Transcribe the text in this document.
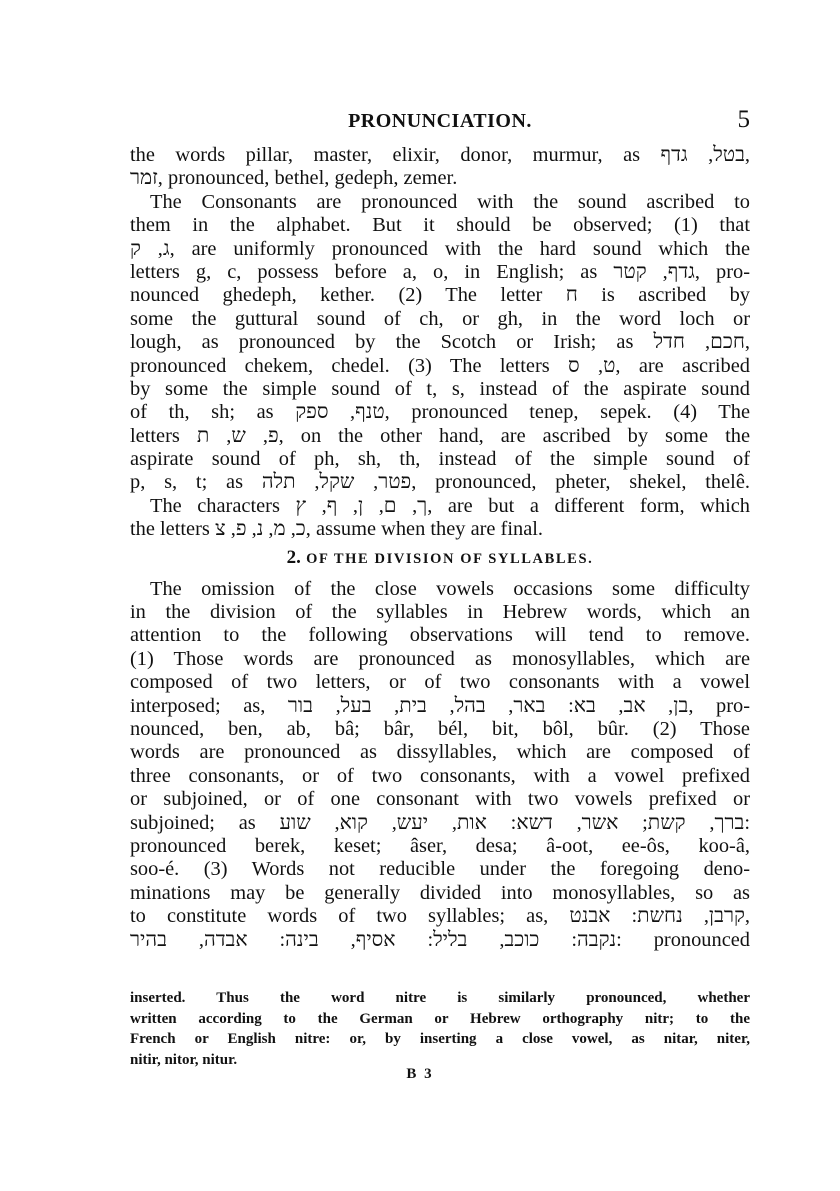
PRONUNCIATION.	5
the words pillar, master, elixir, donor, murmur, as בטל, גדף,
זמר, pronounced, bethel, gedeph, zemer.
The Consonants are pronounced with the sound ascribed to
them in the alphabet. But it should be observed; (1) that
ג, ק, are uniformly pronounced with the hard sound which the
letters g, c, possess before a, o, in English; as גדף, קטר, pro-
nounced ghedeph, kether. (2) The letter ח is ascribed by
some the guttural sound of ch, or gh, in the word loch or
lough, as pronounced by the Scotch or Irish; as חכם, חדל,
pronounced chekem, chedel. (3) The letters ט, ס, are ascribed
by some the simple sound of t, s, instead of the aspirate sound
of th, sh; as טנף, ספק, pronounced tenep, sepek. (4) The
letters פ, ש, ת, on the other hand, are ascribed by some the
aspirate sound of ph, sh, th, instead of the simple sound of
p, s, t; as פטר, שקל, תלה, pronounced, pheter, shekel, thelê.
The characters ך, ם, ן, ף, ץ, are but a different form, which
the letters כ, מ, נ, פ, צ, assume when they are final.
2. OF THE DIVISION OF SYLLABLES.
The omission of the close vowels occasions some difficulty
in the division of the syllables in Hebrew words, which an
attention to the following observations will tend to remove.
(1) Those words are pronounced as monosyllables, which are
composed of two letters, or of two consonants with a vowel
interposed; as, בן, אב, בא: באר, בהל, בית, בעל, בור, pro-
nounced, ben, ab, bâ; bâr, bél, bit, bôl, bûr. (2) Those
words are pronounced as dissyllables, which are composed of
three consonants, or of two consonants, with a vowel prefixed
or subjoined, or of one consonant with two vowels prefixed or
subjoined; as ברך, קשת; אשר, דשא: אות, יעש, קוא, שוע:
pronounced berek, keset; âser, desa; â-oot, ee-ôs, koo-â,
soo-é. (3) Words not reducible under the foregoing deno-
minations may be generally divided into monosyllables, so as
to constitute words of two syllables; as, קרבן, נחשת: אבנט,
נקבה: כוכב, בליל: אסיף, בינה: אבדה, בהיר: pronounced
inserted. Thus the word nitre is similarly pronounced, whether
written according to the German or Hebrew orthography nitr; to the
French or English nitre: or, by inserting a close vowel, as nitar, niter,
nitir, nitor, nitur.
B 3
